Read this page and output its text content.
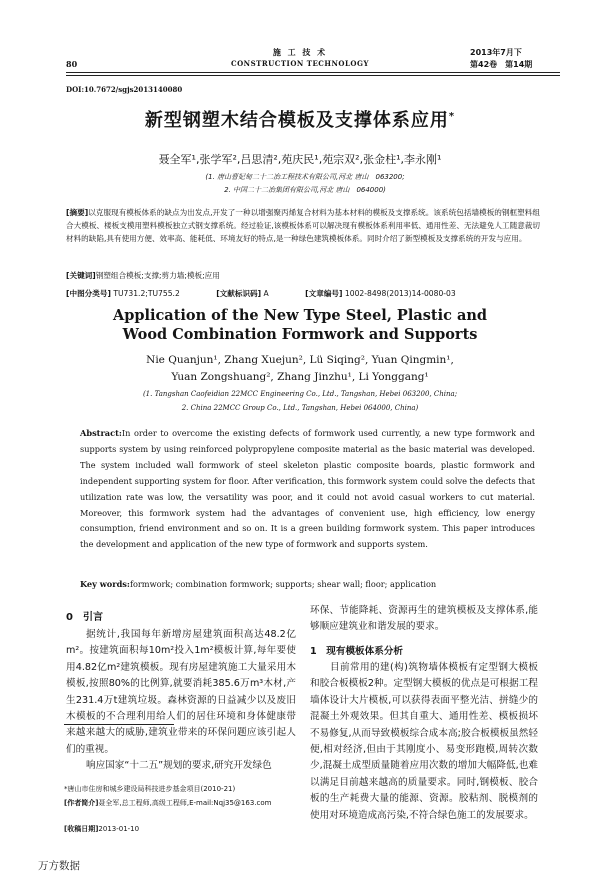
80
施 工 技 术
CONSTRUCTION TECHNOLOGY
2013年7月下
第42卷　第14期
DOI:10.7672/sgjs2013140080
新型钢塑木结合模板及支撑体系应用*
聂全军¹,张学军²,吕思清²,苑庆民¹,苑宗双²,张金柱¹,李永刚¹
(1. 唐山曹妃甸二十二冶工程技术有限公司,河北 唐山　063200;
2. 中国二十二冶集团有限公司,河北 唐山　064000)
[摘要]以克服现有模板体系的缺点为出发点,开发了一种以增强聚丙烯复合材料为基本材料的模板及支撑系统。该系统包括墙模板的钢框塑料组合大模板、楼板支模用塑料模板独立式钢支撑系统。经过验证,该模板体系可以解决现有模板体系利用率低、通用性差、无法避免人工随意裁切材料的缺陷,具有使用方便、效率高、能耗低、环境友好的特点,是一种绿色建筑模板体系。同时介绍了新型模板及支撑系统的开发与应用。
[关键词]钢塑组合模板;支撑;剪力墙;模板;应用
[中图分类号] TU731.2;TU755.2	[文献标识码] A	[文章编号] 1002-8498(2013)14-0080-03
Application of the New Type Steel, Plastic and
Wood Combination Formwork and Supports
Nie Quanjun¹, Zhang Xuejun², Lü Siqing², Yuan Qingmin¹,
Yuan Zongshuang², Zhang Jinzhu¹, Li Yonggang¹
(1. Tangshan Caofeidian 22MCC Engineering Co., Ltd., Tangshan, Hebei 063200, China;
2. China 22MCC Group Co., Ltd., Tangshan, Hebei 064000, China)
Abstract:In order to overcome the existing defects of formwork used currently, a new type formwork and supports system by using reinforced polypropylene composite material as the basic material was developed. The system included wall formwork of steel skeleton plastic composite boards, plastic formwork and independent supporting system for floor. After verification, this formwork system could solve the defects that utilization rate was low, the versatility was poor, and it could not avoid casual workers to cut material. Moreover, this formwork system had the advantages of convenient use, high efficiency, low energy consumption, friend environment and so on. It is a green building formwork system. This paper introduces the development and application of the new type of formwork and supports system.
Key words:formwork; combination formwork; supports; shear wall; floor; application
0　引言
据统计,我国每年新增房屋建筑面积高达48.2亿m²。按建筑面积每10m²投入1m²模板计算,每年要使用4.82亿m²建筑模板。现有房屋建筑施工大量采用木模板,按照80%的比例算,就要消耗385.6万m³木材,产生231.4万t建筑垃圾。森林资源的日益减少以及废旧木模板的不合理利用给人们的居住环境和身体健康带来越来越大的威胁,建筑业带来的环保问题应该引起人们的重视。
响应国家“十二五”规划的要求,研究开发绿色
*唐山市住房和城乡建设局科技进步基金项目(2010-21)
[作者简介]聂全军,总工程师,高级工程师,E-mail:Nqj35@163.com
[收稿日期]2013-01-10
环保、节能降耗、资源再生的建筑模板及支撑体系,能够顺应建筑业和谐发展的要求。
1　现有模板体系分析
目前常用的建(构)筑物墙体模板有定型钢大模板和胶合板模板2种。定型钢大模板的优点是可根据工程墙体设计大片模板,可以获得表面平整光洁、拼缝少的混凝土外观效果。但其自重大、通用性差、模板损坏不易修复,从而导致模板综合成本高;胶合板模板虽然轻便,相对经济,但由于其刚度小、易变形跑模,周转次数少,混凝土成型质量随着应用次数的增加大幅降低,也难以满足目前越来越高的质量要求。同时,钢模板、胶合板的生产耗费大量的能源、资源。胶粘剂、脱模剂的使用对环境造成高污染,不符合绿色施工的发展要求。
万方数据
